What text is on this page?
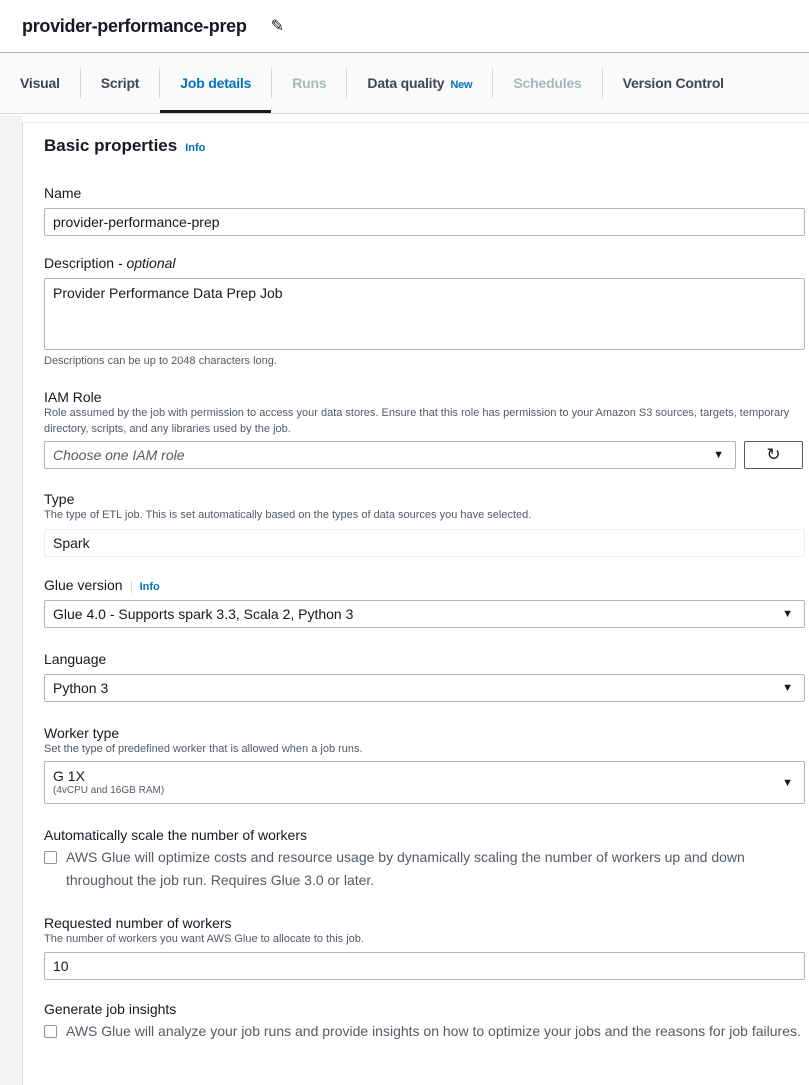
provider-performance-prep ✎
Visual	Script	Job details	Runs	Data quality New	Schedules	Version Control
Basic properties Info
Name
provider-performance-prep
Description - optional
Provider Performance Data Prep Job
Descriptions can be up to 2048 characters long.
IAM Role
Role assumed by the job with permission to access your data stores. Ensure that this role has permission to your Amazon S3 sources, targets, temporary directory, scripts, and any libraries used by the job.
Choose one IAM role	▼ ↻
Type
The type of ETL job. This is set automatically based on the types of data sources you have selected.
Spark
Glue version Info
Glue 4.0 - Supports spark 3.3, Scala 2, Python 3	▼
Language
Python 3	▼
Worker type
Set the type of predefined worker that is allowed when a job runs.
G 1X
(4vCPU and 16GB RAM)
▼
Automatically scale the number of workers
AWS Glue will optimize costs and resource usage by dynamically scaling the number of workers up and down throughout the job run. Requires Glue 3.0 or later.
Requested number of workers
The number of workers you want AWS Glue to allocate to this job.
10
Generate job insights
AWS Glue will analyze your job runs and provide insights on how to optimize your jobs and the reasons for job failures.
